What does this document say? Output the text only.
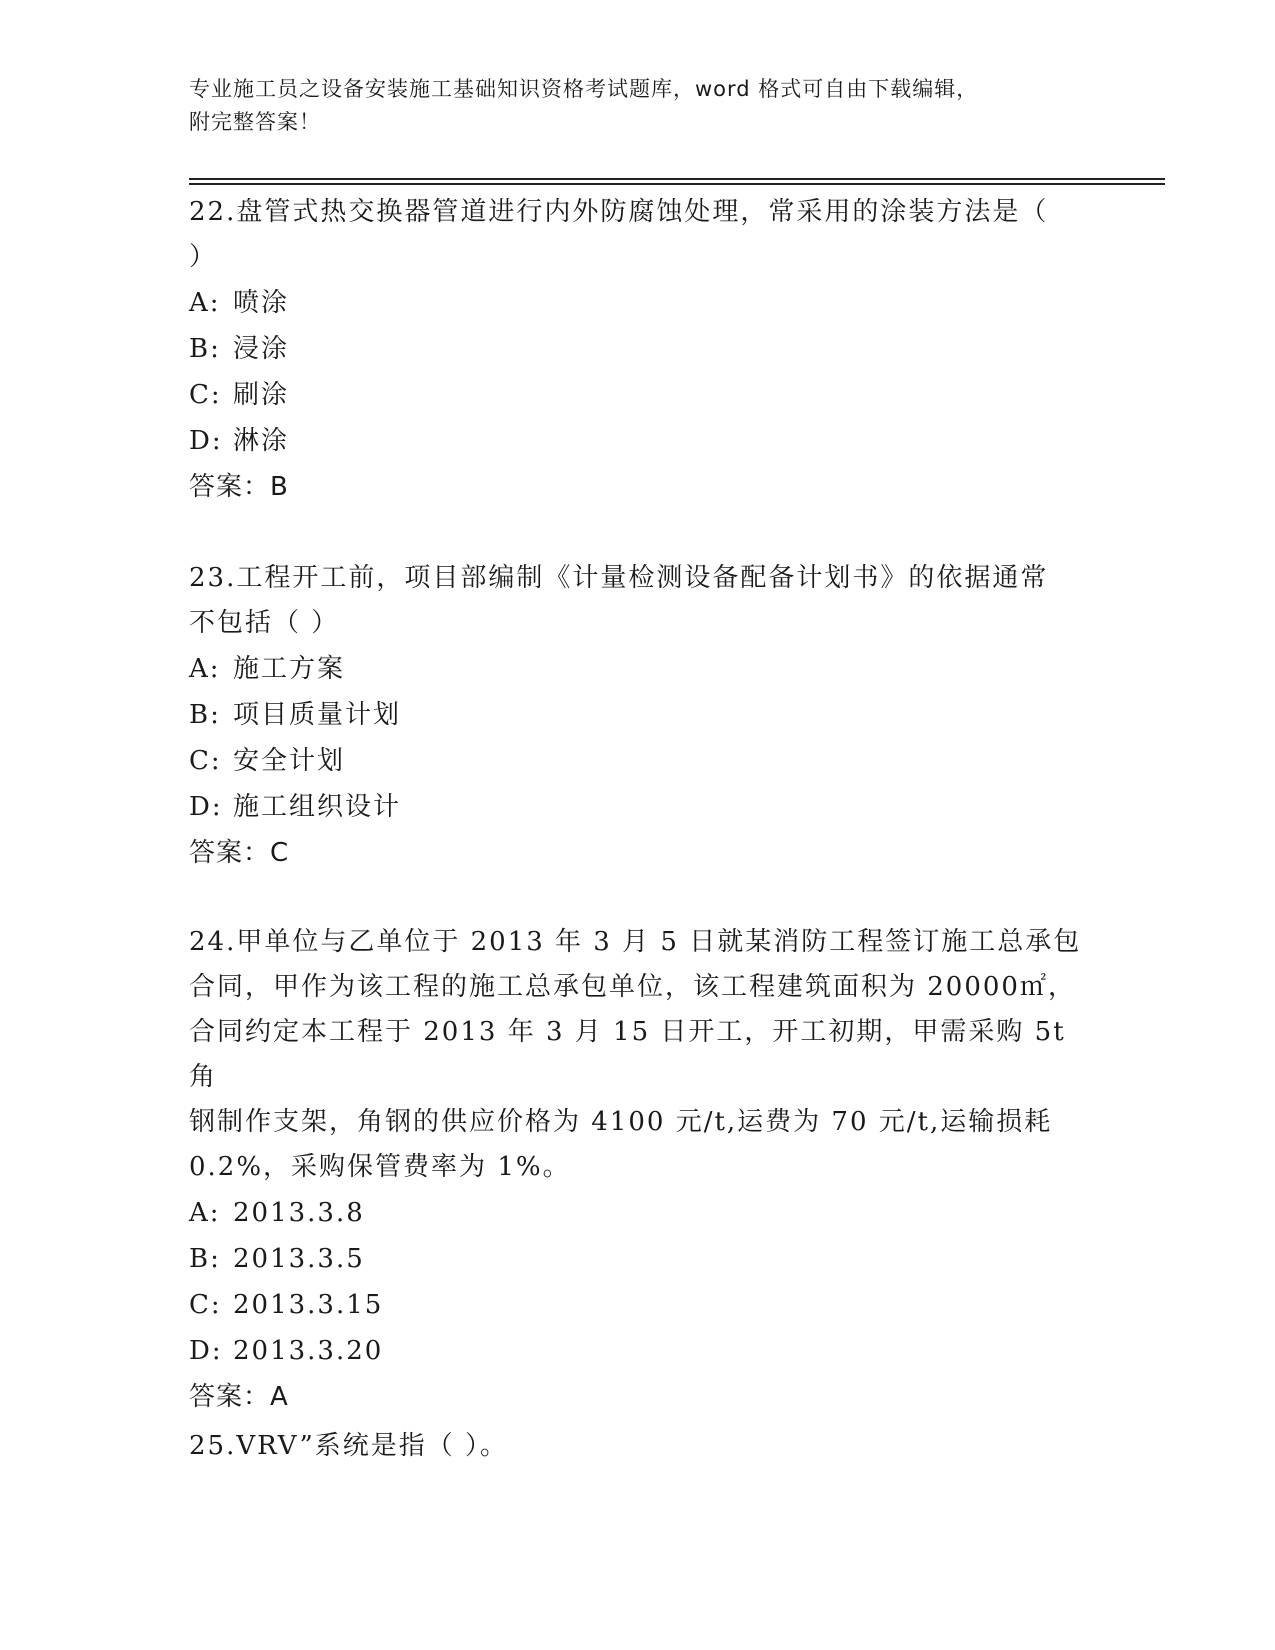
专业施工员之设备安装施工基础知识资格考试题库，word 格式可自由下载编辑，
附完整答案！

22.盘管式热交换器管道进行内外防腐蚀处理，常采用的涂装方法是（

）

A: 喷涂

B: 浸涂

C: 刷涂

D: 淋涂

答案：B

23.工程开工前，项目部编制《计量检测设备配备计划书》的依据通常

不包括（ ）

A: 施工方案

B: 项目质量计划

C: 安全计划

D: 施工组织设计

答案：C

24.甲单位与乙单位于 2013 年 3 月 5 日就某消防工程签订施工总承包

合同，甲作为该工程的施工总承包单位，该工程建筑面积为 20000㎡，

合同约定本工程于 2013 年 3 月 15 日开工，开工初期，甲需采购 5t 角

钢制作支架，角钢的供应价格为 4100 元/t,运费为 70 元/t,运输损耗

0.2%，采购保管费率为 1%。

A: 2013.3.8

B: 2013.3.5

C: 2013.3.15

D: 2013.3.20

答案：A

25.VRV”系统是指（ ）。
